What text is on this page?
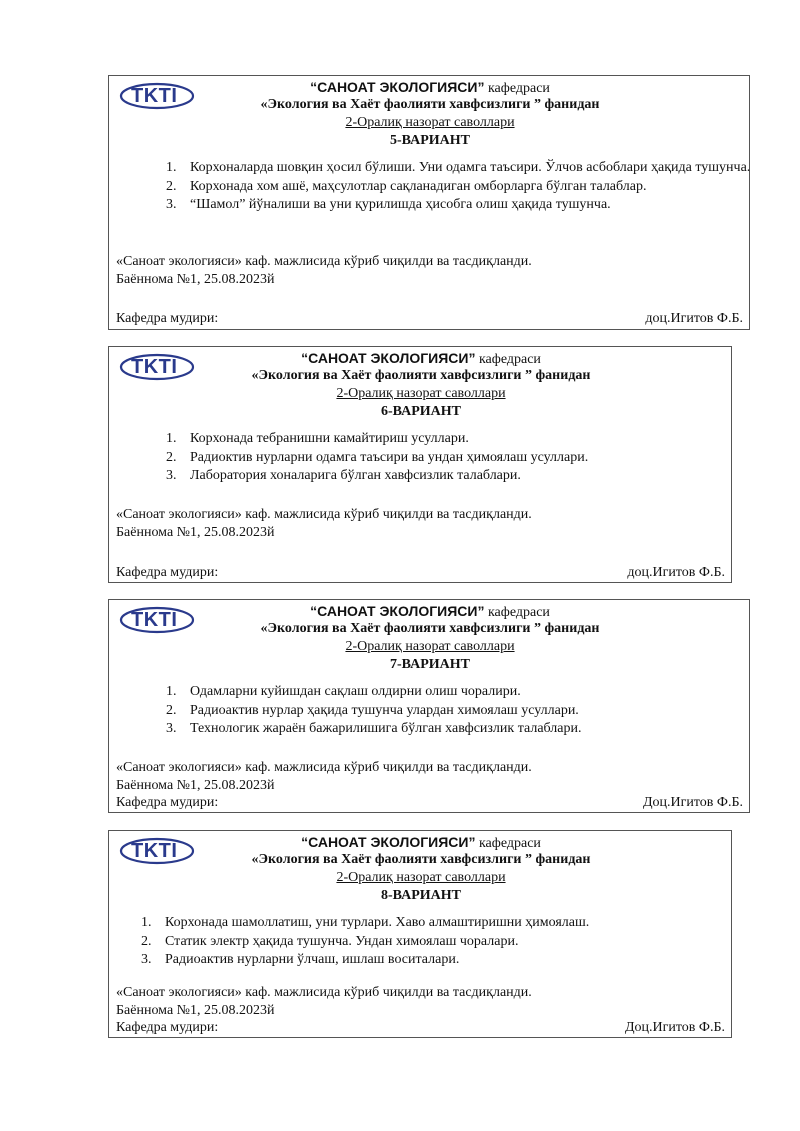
TKTI	“САНОАТ ЭКОЛОГИЯСИ” кафедраси
«Экология ва Хаёт фаолияти хавфсизлиги ” фанидан
2-Оралиқ назорат саволлари
5-ВАРИАНТ
1. Корхоналарда шовқин ҳосил бўлиши. Уни одамга таъсири. Ўлчов асбоблари ҳақида тушунча.
2. Корхонада хом ашё, маҳсулотлар сақланадиган омборларга бўлган талаблар.
3. “Шамол” йўналиши ва уни қурилишда ҳисобга олиш ҳақида тушунча.
«Саноат экологияси» каф. мажлисида кўриб чиқилди ва тасдиқланди.
Баённома №1, 25.08.2023й
Кафедра мудири:	доц.Игитов Ф.Б.
TKTI	“САНОАТ ЭКОЛОГИЯСИ” кафедраси
«Экология ва Хаёт фаолияти хавфсизлиги ” фанидан
2-Оралиқ назорат саволлари
6-ВАРИАНТ
1. Корхонада тебранишни камайтириш усуллари.
2. Радиоктив нурларни одамга таъсири ва ундан ҳимоялаш усуллари.
3. Лаборатория хоналарига бўлган хавфсизлик талаблари.
«Саноат экологияси» каф. мажлисида кўриб чиқилди ва тасдиқланди.
Баённома №1, 25.08.2023й
Кафедра мудири:	доц.Игитов Ф.Б.
TKTI	“САНОАТ ЭКОЛОГИЯСИ” кафедраси
«Экология ва Хаёт фаолияти хавфсизлиги ” фанидан
2-Оралиқ назорат саволлари
7-ВАРИАНТ
1. Одамларни куйишдан сақлаш олдирни олиш чоралири.
2. Радиоактив нурлар ҳақида тушунча улардан химоялаш усуллари.
3. Технологик жараён бажарилишига бўлган хавфсизлик талаблари.
«Саноат экологияси» каф. мажлисида кўриб чиқилди ва тасдиқланди.
Баённома №1, 25.08.2023й
Кафедра мудири:	Доц.Игитов Ф.Б.
TKTI	“САНОАТ ЭКОЛОГИЯСИ” кафедраси
«Экология ва Хаёт фаолияти хавфсизлиги ” фанидан
2-Оралиқ назорат саволлари
8-ВАРИАНТ
1. Корхонада шамоллатиш, уни турлари. Хаво алмаштиришни ҳимоялаш.
2. Статик электр ҳақида тушунча. Ундан химоялаш чоралари.
3. Радиоактив нурларни ўлчаш, ишлаш воситалари.
«Саноат экологияси» каф. мажлисида кўриб чиқилди ва тасдиқланди.
Баённома №1, 25.08.2023й
Кафедра мудири:	Доц.Игитов Ф.Б.
